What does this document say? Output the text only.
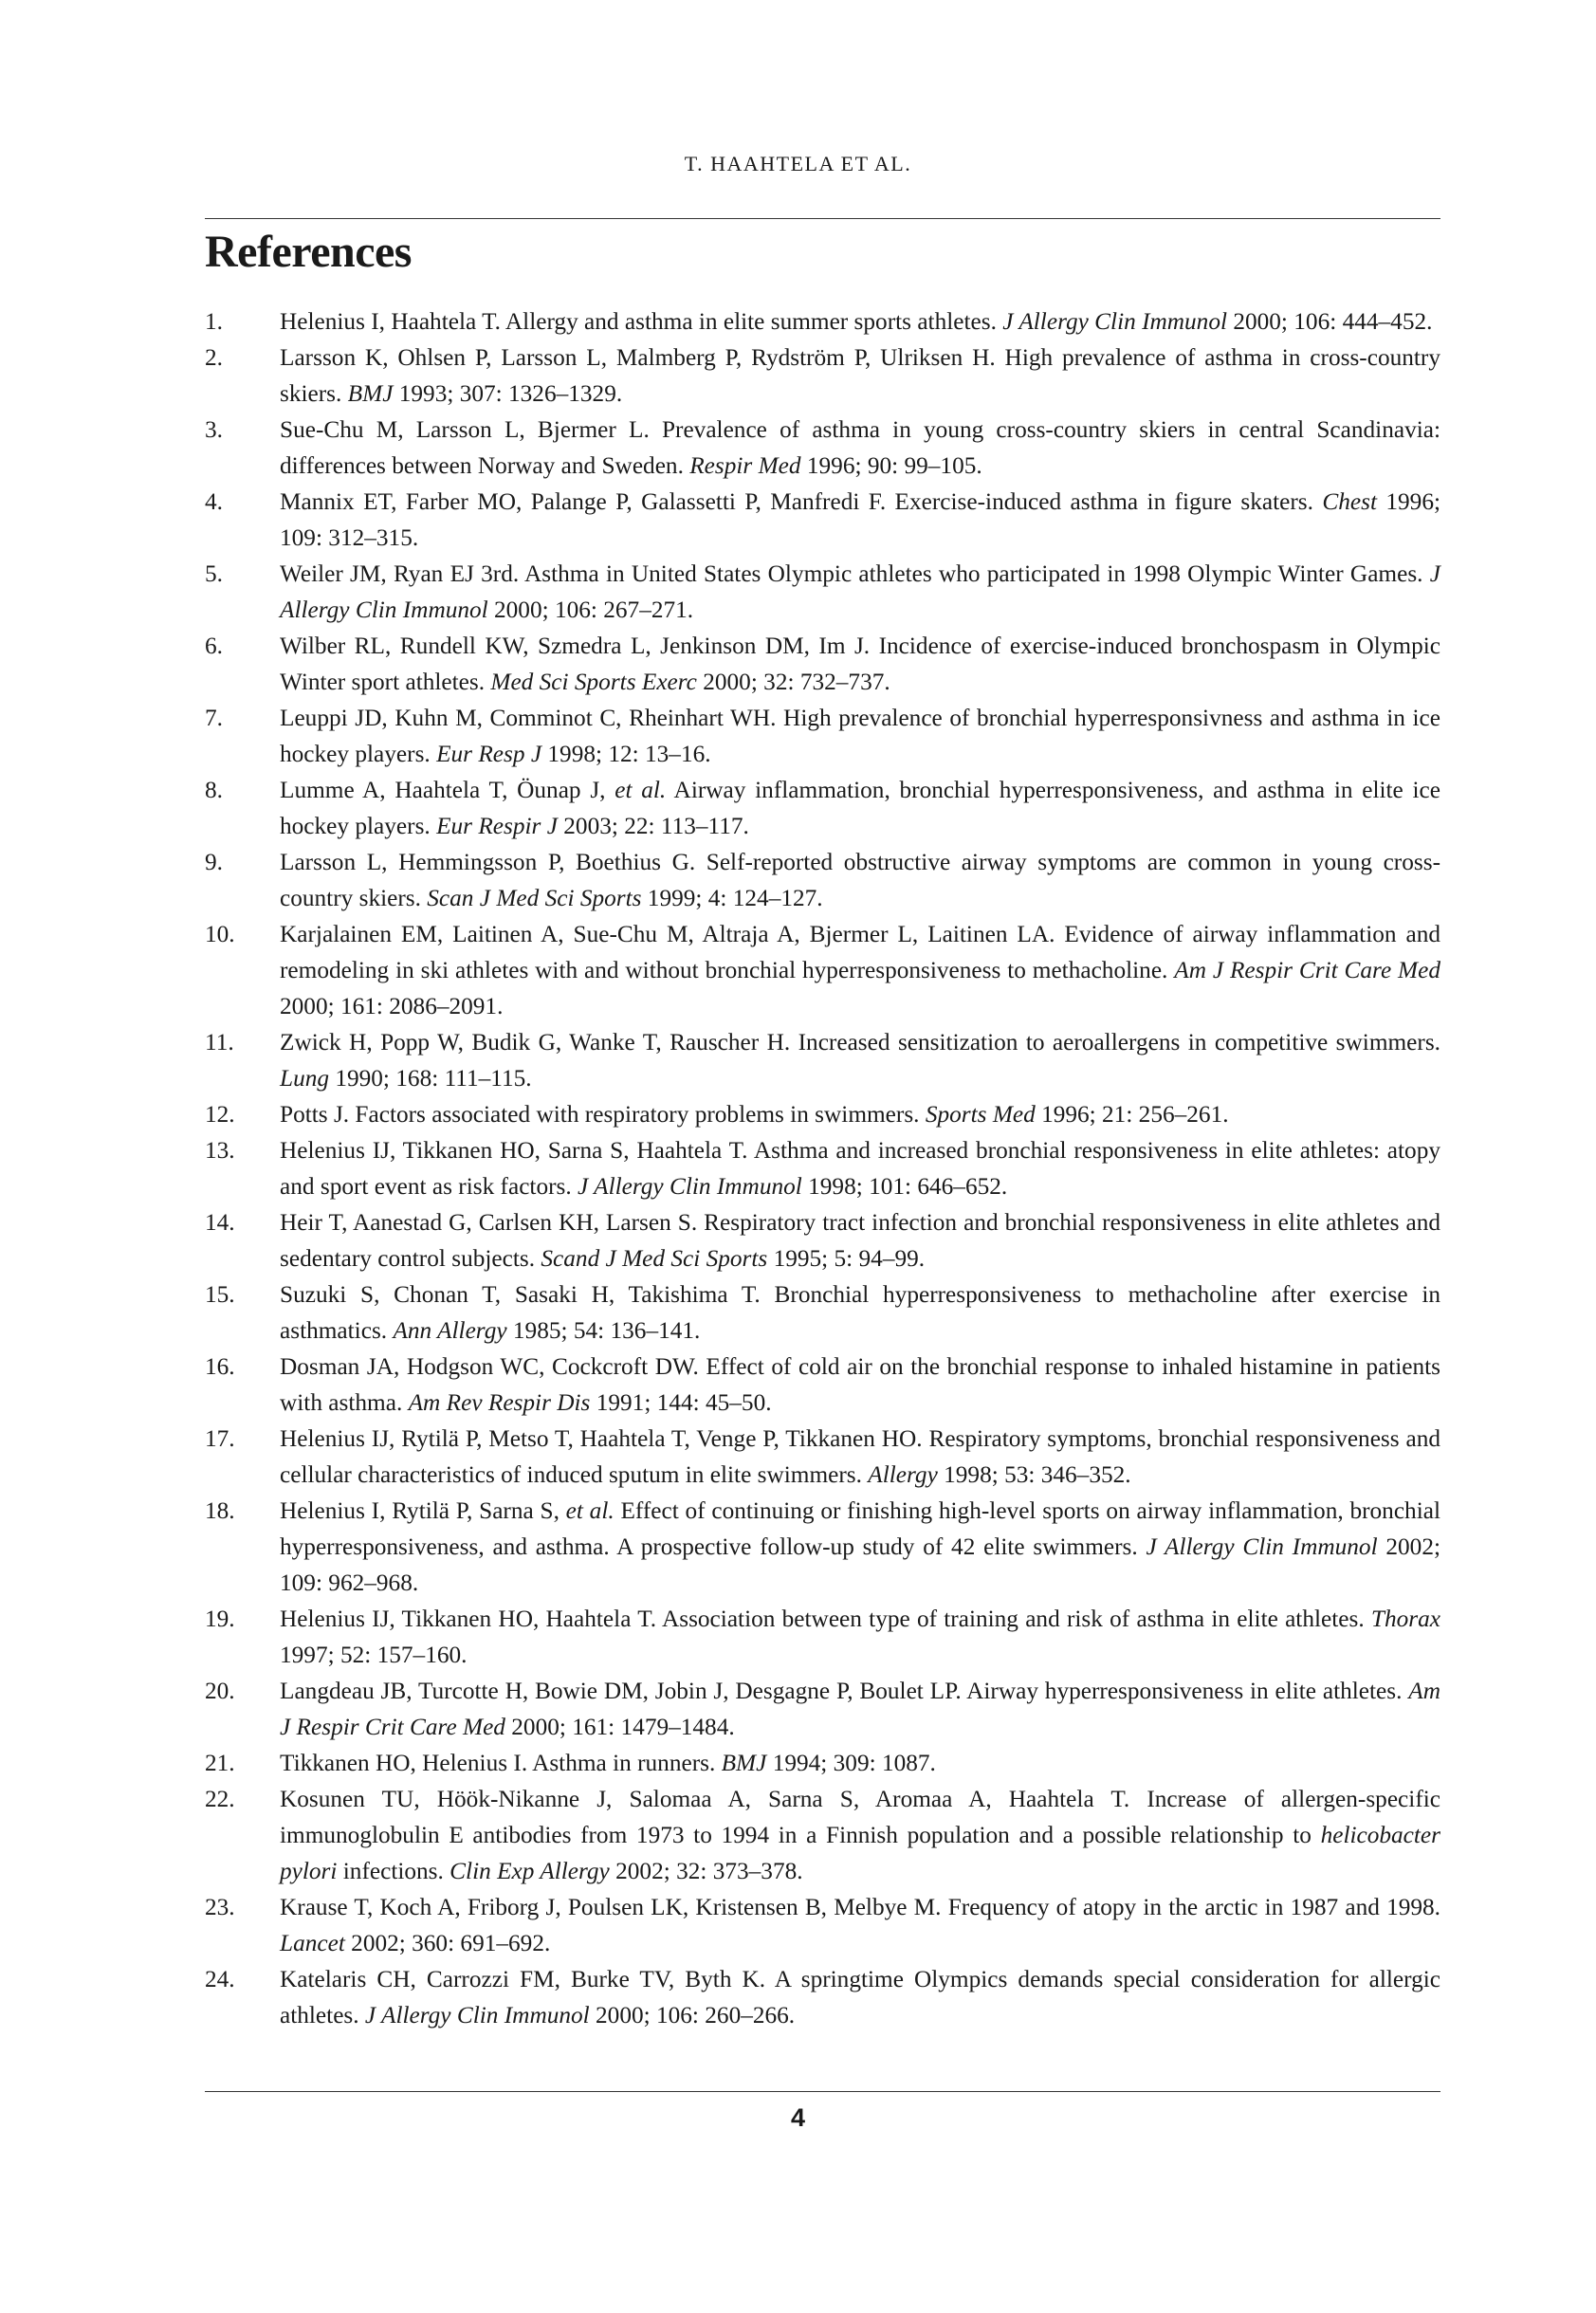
T. HAAHTELA ET AL.
References
1.	Helenius I, Haahtela T. Allergy and asthma in elite summer sports athletes. J Allergy Clin Immunol 2000; 106: 444–452.
2.	Larsson K, Ohlsen P, Larsson L, Malmberg P, Rydström P, Ulriksen H. High prevalence of asthma in cross-country skiers. BMJ 1993; 307: 1326–1329.
3.	Sue-Chu M, Larsson L, Bjermer L. Prevalence of asthma in young cross-country skiers in central Scandinavia: differences between Norway and Sweden. Respir Med 1996; 90: 99–105.
4.	Mannix ET, Farber MO, Palange P, Galassetti P, Manfredi F. Exercise-induced asthma in figure skaters. Chest 1996; 109: 312–315.
5.	Weiler JM, Ryan EJ 3rd. Asthma in United States Olympic athletes who participated in 1998 Olympic Winter Games. J Allergy Clin Immunol 2000; 106: 267–271.
6.	Wilber RL, Rundell KW, Szmedra L, Jenkinson DM, Im J. Incidence of exercise-induced bronchospasm in Olympic Winter sport athletes. Med Sci Sports Exerc 2000; 32: 732–737.
7.	Leuppi JD, Kuhn M, Comminot C, Rheinhart WH. High prevalence of bronchial hyperresponsivness and asthma in ice hockey players. Eur Resp J 1998; 12: 13–16.
8.	Lumme A, Haahtela T, Öunap J, et al. Airway inflammation, bronchial hyperresponsiveness, and asthma in elite ice hockey players. Eur Respir J 2003; 22: 113–117.
9.	Larsson L, Hemmingsson P, Boethius G. Self-reported obstructive airway symptoms are common in young cross-country skiers. Scan J Med Sci Sports 1999; 4: 124–127.
10.	Karjalainen EM, Laitinen A, Sue-Chu M, Altraja A, Bjermer L, Laitinen LA. Evidence of airway inflammation and remodeling in ski athletes with and without bronchial hyperresponsiveness to methacholine. Am J Respir Crit Care Med 2000; 161: 2086–2091.
11.	Zwick H, Popp W, Budik G, Wanke T, Rauscher H. Increased sensitization to aeroallergens in competitive swimmers. Lung 1990; 168: 111–115.
12.	Potts J. Factors associated with respiratory problems in swimmers. Sports Med 1996; 21: 256–261.
13.	Helenius IJ, Tikkanen HO, Sarna S, Haahtela T. Asthma and increased bronchial responsiveness in elite athletes: atopy and sport event as risk factors. J Allergy Clin Immunol 1998; 101: 646–652.
14.	Heir T, Aanestad G, Carlsen KH, Larsen S. Respiratory tract infection and bronchial responsiveness in elite athletes and sedentary control subjects. Scand J Med Sci Sports 1995; 5: 94–99.
15.	Suzuki S, Chonan T, Sasaki H, Takishima T. Bronchial hyperresponsiveness to methacholine after exercise in asthmatics. Ann Allergy 1985; 54: 136–141.
16.	Dosman JA, Hodgson WC, Cockcroft DW. Effect of cold air on the bronchial response to inhaled histamine in patients with asthma. Am Rev Respir Dis 1991; 144: 45–50.
17.	Helenius IJ, Rytilä P, Metso T, Haahtela T, Venge P, Tikkanen HO. Respiratory symptoms, bronchial responsiveness and cellular characteristics of induced sputum in elite swimmers. Allergy 1998; 53: 346–352.
18.	Helenius I, Rytilä P, Sarna S, et al. Effect of continuing or finishing high-level sports on airway inflammation, bronchial hyperresponsiveness, and asthma. A prospective follow-up study of 42 elite swimmers. J Allergy Clin Immunol 2002; 109: 962–968.
19.	Helenius IJ, Tikkanen HO, Haahtela T. Association between type of training and risk of asthma in elite athletes. Thorax 1997; 52: 157–160.
20.	Langdeau JB, Turcotte H, Bowie DM, Jobin J, Desgagne P, Boulet LP. Airway hyperresponsiveness in elite athletes. Am J Respir Crit Care Med 2000; 161: 1479–1484.
21.	Tikkanen HO, Helenius I. Asthma in runners. BMJ 1994; 309: 1087.
22.	Kosunen TU, Höök-Nikanne J, Salomaa A, Sarna S, Aromaa A, Haahtela T. Increase of allergen-specific immunoglobulin E antibodies from 1973 to 1994 in a Finnish population and a possible relationship to helicobacter pylori infections. Clin Exp Allergy 2002; 32: 373–378.
23.	Krause T, Koch A, Friborg J, Poulsen LK, Kristensen B, Melbye M. Frequency of atopy in the arctic in 1987 and 1998. Lancet 2002; 360: 691–692.
24.	Katelaris CH, Carrozzi FM, Burke TV, Byth K. A springtime Olympics demands special consideration for allergic athletes. J Allergy Clin Immunol 2000; 106: 260–266.
4
